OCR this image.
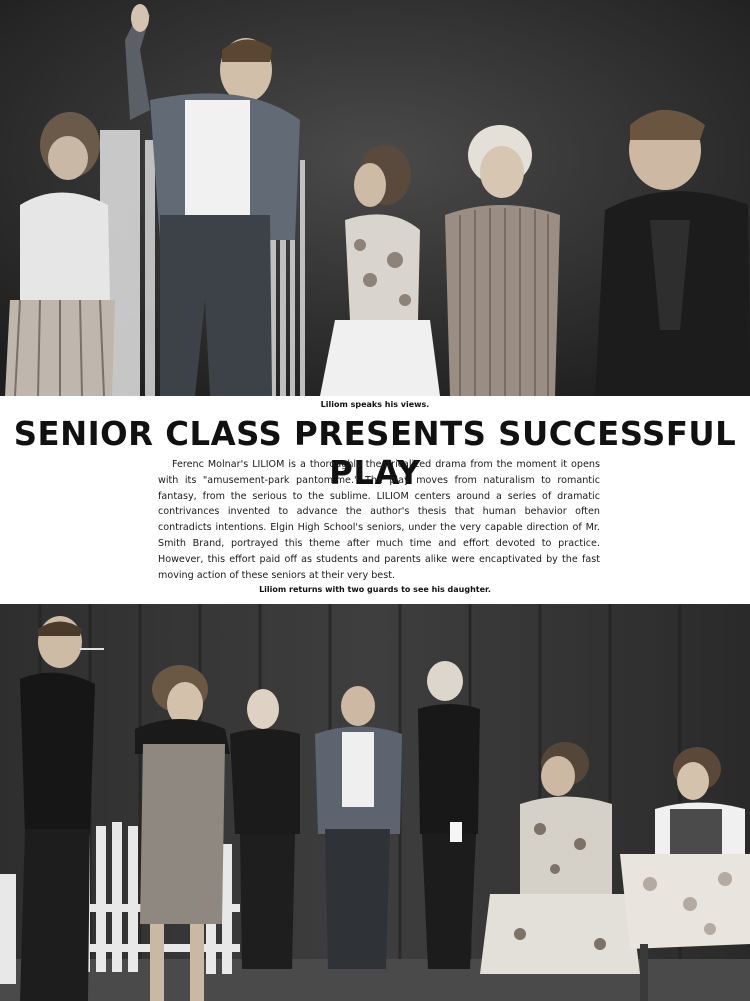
Liliom speaks his views.
SENIOR CLASS PRESENTS SUCCESSFUL PLAY

Ferenc Molnar's LILIOM is a thoroughly theatricalized drama from the moment it opens with its "amusement-park pantomime." The play moves from naturalism to romantic fantasy, from the serious to the sublime. LILIOM centers around a series of dramatic contrivances invented to advance the author's thesis that human behavior often contradicts intentions. Elgin High School's seniors, under the very capable direction of Mr. Smith Brand, portrayed this theme after much time and effort devoted to practice. However, this effort paid off as students and parents alike were encaptivated by the fast moving action of these seniors at their very best.

Liliom returns with two guards to see his daughter.
